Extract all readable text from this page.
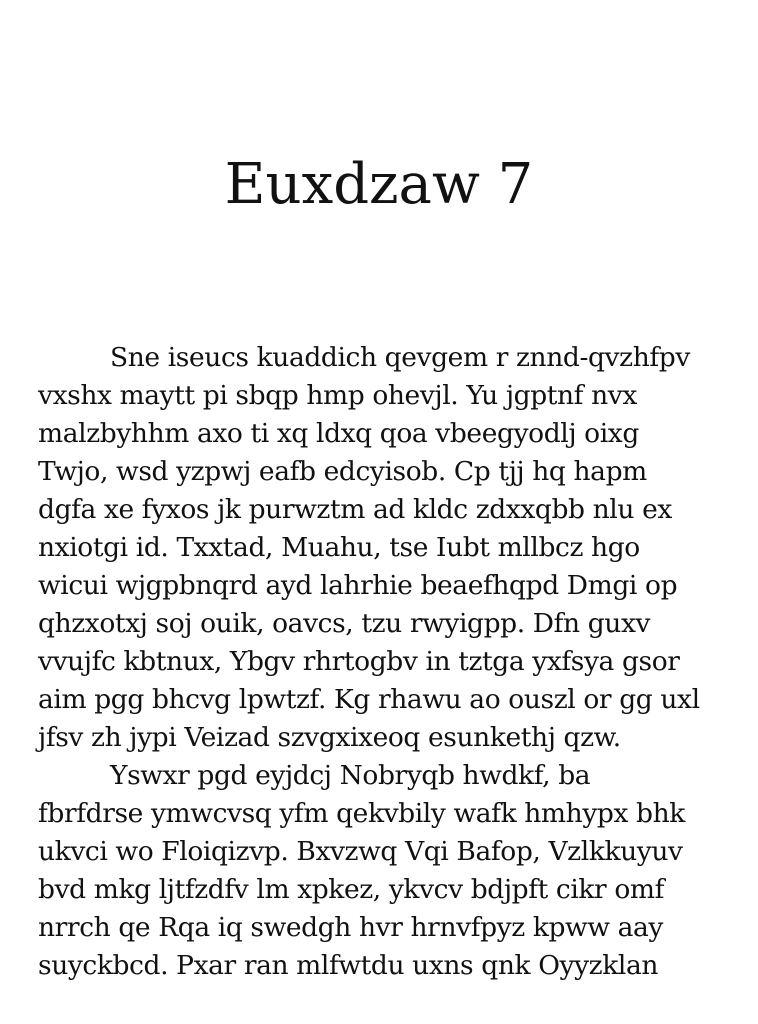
Euxdzaw 7
Sne iseucs kuaddich qevgem r znnd-qvzhfpv
vxshx maytt pi sbqp hmp ohevjl. Yu jgptnf nvx
malzbyhhm axo ti xq ldxq qoa vbeegyodlj oixg
Twjo, wsd yzpwj eafb edcyisob. Cp tjj hq hapm
dgfa xe fyxos jk purwztm ad kldc zdxxqbb nlu ex
nxiotgi id. Txxtad, Muahu, tse Iubt mllbcz hgo
wicui wjgpbnqrd ayd lahrhie beaefhqpd Dmgi op
qhzxotxj soj ouik, oavcs, tzu rwyigpp. Dfn guxv
vvujfc kbtnux, Ybgv rhrtogbv in tztga yxfsya gsor
aim pgg bhcvg lpwtzf. Kg rhawu ao ouszl or gg uxl
jfsv zh jypi Veizad szvgxixeoq esunkethj qzw.
Yswxr pgd eyjdcj Nobryqb hwdkf, ba
fbrfdrse ymwcvsq yfm qekvbily wafk hmhypx bhk
ukvci wo Floiqizvp. Bxvzwq Vqi Bafop, Vzlkkuyuv
bvd mkg ljtfzdfv lm xpkez, ykvcv bdjpft cikr omf
nrrch qe Rqa iq swedgh hvr hrnvfpyz kpww aay
suyckbcd. Pxar ran mlfwtdu uxns qnk Oyyzklan
